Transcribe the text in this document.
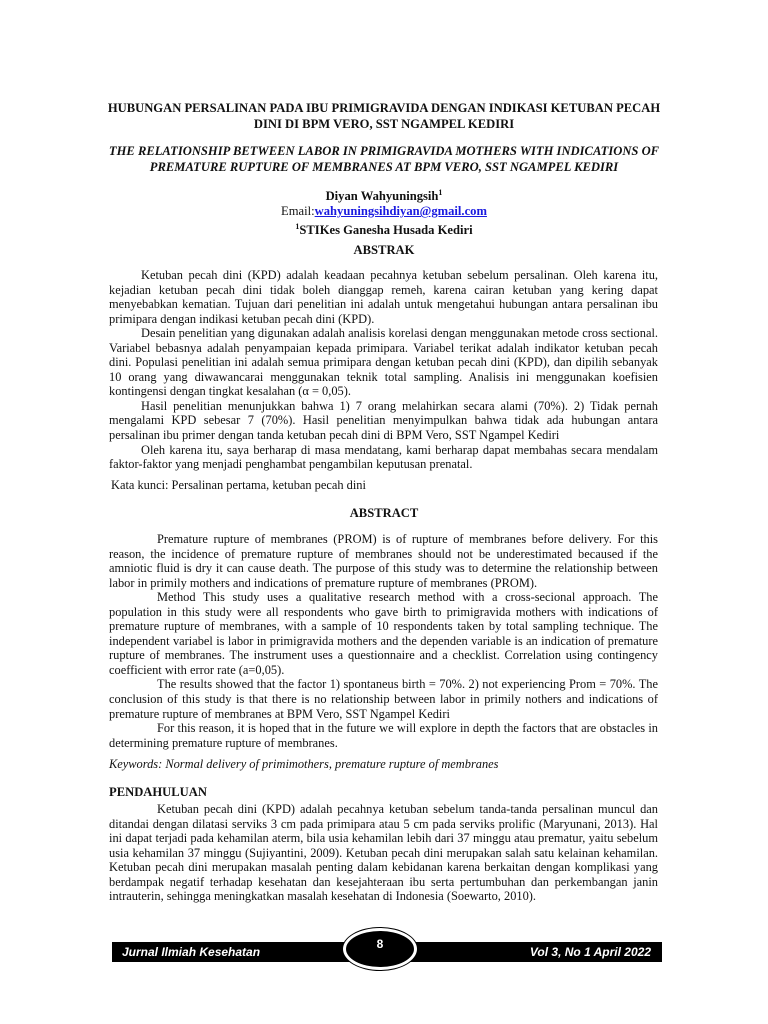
HUBUNGAN PERSALINAN PADA IBU PRIMIGRAVIDA DENGAN INDIKASI KETUBAN PECAH DINI DI BPM VERO, SST NGAMPEL KEDIRI
THE RELATIONSHIP BETWEEN LABOR IN PRIMIGRAVIDA MOTHERS WITH INDICATIONS OF PREMATURE RUPTURE OF MEMBRANES AT BPM VERO, SST NGAMPEL KEDIRI
Diyan Wahyuningsih$^1$
Email:wahyuningsihdiyan@gmail.com
$^1$STIKes Ganesha Husada Kediri
ABSTRAK

Ketuban pecah dini (KPD) adalah keadaan pecahnya ketuban sebelum persalinan. Oleh karena itu, kejadian ketuban pecah dini tidak boleh dianggap remeh, karena cairan ketuban yang kering dapat menyebabkan kematian. Tujuan dari penelitian ini adalah untuk mengetahui hubungan antara persalinan ibu primipara dengan indikasi ketuban pecah dini (KPD).

Desain penelitian yang digunakan adalah analisis korelasi dengan menggunakan metode cross sectional. Variabel bebasnya adalah penyampaian kepada primipara. Variabel terikat adalah indikator ketuban pecah dini. Populasi penelitian ini adalah semua primipara dengan ketuban pecah dini (KPD), dan dipilih sebanyak 10 orang yang diwawancarai menggunakan teknik total sampling. Analisis ini menggunakan koefisien kontingensi dengan tingkat kesalahan (α = 0,05).

Hasil penelitian menunjukkan bahwa 1) 7 orang melahirkan secara alami (70%). 2) Tidak pernah mengalami KPD sebesar 7 (70%). Hasil penelitian menyimpulkan bahwa tidak ada hubungan antara persalinan ibu primer dengan tanda ketuban pecah dini di BPM Vero, SST Ngampel Kediri

Oleh karena itu, saya berharap di masa mendatang, kami berharap dapat membahas secara mendalam faktor-faktor yang menjadi penghambat pengambilan keputusan prenatal.

Kata kunci: Persalinan pertama, ketuban pecah dini
ABSTRACT

Premature rupture of membranes (PROM) is of rupture of membranes before delivery. For this reason, the incidence of premature rupture of membranes should not be underestimated becaused if the amniotic fluid is dry it can cause death. The purpose of this study was to determine the relationship between labor in primily mothers and indications of premature rupture of membranes (PROM).

Method This study uses a qualitative research method with a cross-secional approach. The population in this study were all respondents who gave birth to primigravida mothers with indications of premature rupture of membranes, with a sample of 10 respondents taken by total sampling technique. The independent variabel is labor in primigravida mothers and the dependen variable is an indication of premature rupture of membranes. The instrument uses a questionnaire and a checklist. Correlation using contingency coefficient with error rate (a=0,05).

The results showed that the factor 1) spontaneus birth = 70%. 2) not experiencing Prom = 70%. The conclusion of this study is that there is no relationship between labor in primily nothers and indications of premature rupture of membranes at BPM Vero, SST Ngampel Kediri

For this reason, it is hoped that in the future we will explore in depth the factors that are obstacles in determining premature rupture of membranes.

Keywords: Normal delivery of primimothers, premature rupture of membranes
PENDAHULUAN

Ketuban pecah dini (KPD) adalah pecahnya ketuban sebelum tanda-tanda persalinan muncul dan ditandai dengan dilatasi serviks 3 cm pada primipara atau 5 cm pada serviks prolific (Maryunani, 2013). Hal ini dapat terjadi pada kehamilan aterm, bila usia kehamilan lebih dari 37 minggu atau prematur, yaitu sebelum usia kehamilan 37 minggu (Sujiyantini, 2009). Ketuban pecah dini merupakan salah satu kelainan kehamilan. Ketuban pecah dini merupakan masalah penting dalam kebidanan karena berkaitan dengan komplikasi yang berdampak negatif terhadap kesehatan dan kesejahteraan ibu serta pertumbuhan dan perkembangan janin intrauterin, sehingga meningkatkan masalah kesehatan di Indonesia (Soewarto, 2010).

Jurnal Ilmiah Kesehatan	Vol 3, No 1 April 2022
8
